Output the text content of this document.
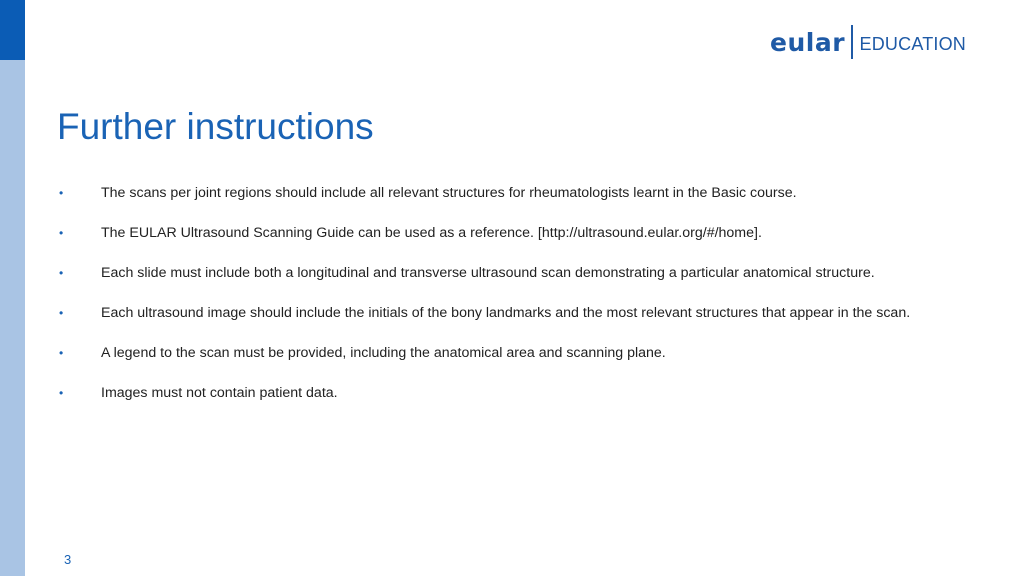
eular EDUCATION
Further instructions
•	The scans per joint regions should include all relevant structures for rheumatologists learnt in the Basic course.
•	The EULAR Ultrasound Scanning Guide can be used as a reference. [http://ultrasound.eular.org/#/home].
•	Each slide must include both a longitudinal and transverse ultrasound scan demonstrating a particular anatomical structure.
•	Each ultrasound image should include the initials of the bony landmarks and the most relevant structures that appear in the scan.
•	A legend to the scan must be provided, including the anatomical area and scanning plane.
•	Images must not contain patient data.
3
